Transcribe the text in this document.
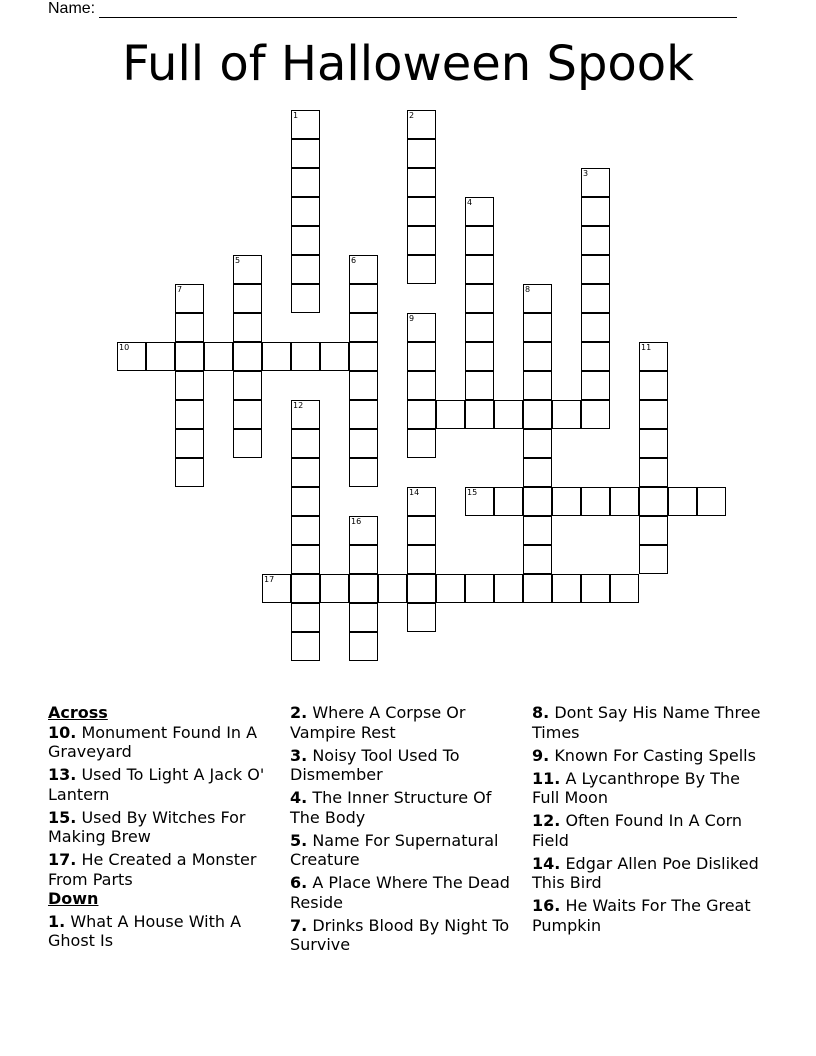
Name:
Full of Halloween Spook
1	2
3
4
5	6
7	8
9
10	11
12
14	15
16
17

Across

10. Monument Found In A Graveyard

13. Used To Light A Jack O' Lantern

15. Used By Witches For Making Brew

17. He Created a Monster From Parts

Down

1. What A House With A Ghost Is

2. Where A Corpse Or Vampire Rest

3. Noisy Tool Used To Dismember

4. The Inner Structure Of The Body

5. Name For Supernatural Creature

6. A Place Where The Dead Reside

7. Drinks Blood By Night To Survive

8. Dont Say His Name Three Times

9. Known For Casting Spells

11. A Lycanthrope By The Full Moon

12. Often Found In A Corn Field

14. Edgar Allen Poe Disliked This Bird

16. He Waits For The Great Pumpkin
